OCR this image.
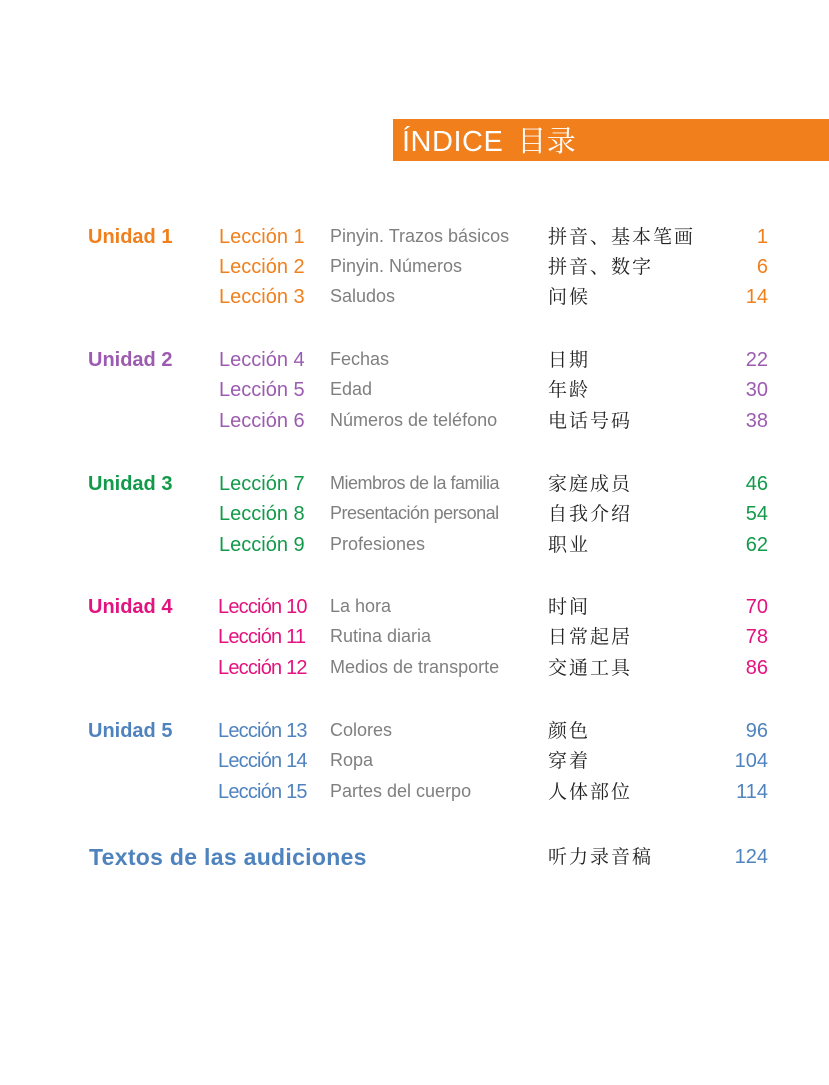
ÍNDICE 目录
Unidad 1 Lección 1 Pinyin. Trazos básicos 拼音、基本笔画	1
Lección 2 Pinyin. Números	拼音、数字	6
Lección 3 Saludos	问候	14
Unidad 2 Lección 4 Fechas	日期	22
Lección 5 Edad	年龄	30
Lección 6 Números de teléfono	电话号码	38
Unidad 3 Lección 7 Miembros de la familia	家庭成员	46
Lección 8 Presentación personal	自我介绍	54
Lección 9 Profesiones	职业	62
Unidad 4 Lección 10 La hora	时间	70
Lección 11 Rutina diaria	日常起居	78
Lección 12 Medios de transporte	交通工具	86
Unidad 5 Lección 13 Colores	颜色	96
Lección 14 Ropa	穿着	104
Lección 15 Partes del cuerpo	人体部位	114
Textos de las audiciones	听力录音稿	124
